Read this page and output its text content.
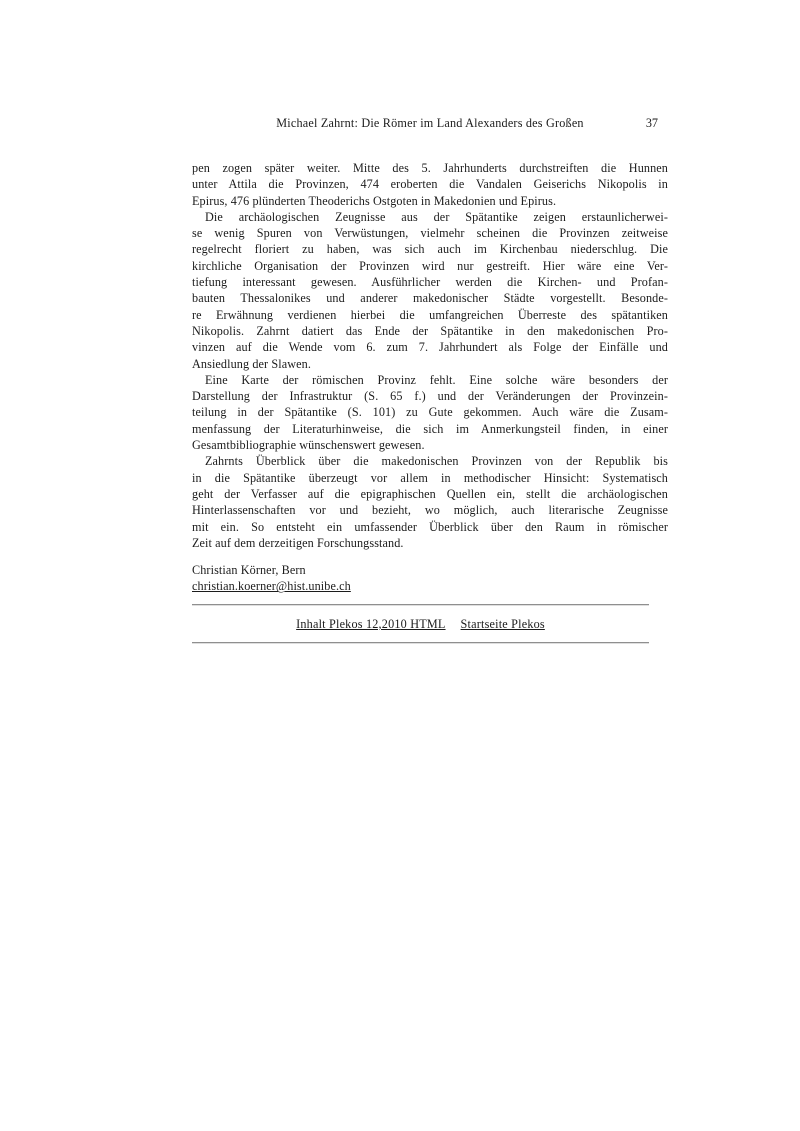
Michael Zahrnt: Die Römer im Land Alexanders des Großen	37
pen zogen später weiter. Mitte des 5. Jahrhunderts durchstreiften die Hunnen
unter Attila die Provinzen, 474 eroberten die Vandalen Geiserichs Nikopolis in
Epirus, 476 plünderten Theoderichs Ostgoten in Makedonien und Epirus.
Die archäologischen Zeugnisse aus der Spätantike zeigen erstaunlicherwei-
se wenig Spuren von Verwüstungen, vielmehr scheinen die Provinzen zeitweise
regelrecht floriert zu haben, was sich auch im Kirchenbau niederschlug. Die
kirchliche Organisation der Provinzen wird nur gestreift. Hier wäre eine Ver-
tiefung interessant gewesen. Ausführlicher werden die Kirchen- und Profan-
bauten Thessalonikes und anderer makedonischer Städte vorgestellt. Besonde-
re Erwähnung verdienen hierbei die umfangreichen Überreste des spätantiken
Nikopolis. Zahrnt datiert das Ende der Spätantike in den makedonischen Pro-
vinzen auf die Wende vom 6. zum 7. Jahrhundert als Folge der Einfälle und
Ansiedlung der Slawen.
Eine Karte der römischen Provinz fehlt. Eine solche wäre besonders der
Darstellung der Infrastruktur (S. 65 f.) und der Veränderungen der Provinzein-
teilung in der Spätantike (S. 101) zu Gute gekommen. Auch wäre die Zusam-
menfassung der Literaturhinweise, die sich im Anmerkungsteil finden, in einer
Gesamtbibliographie wünschenswert gewesen.
Zahrnts Überblick über die makedonischen Provinzen von der Republik bis
in die Spätantike überzeugt vor allem in methodischer Hinsicht: Systematisch
geht der Verfasser auf die epigraphischen Quellen ein, stellt die archäologischen
Hinterlassenschaften vor und bezieht, wo möglich, auch literarische Zeugnisse
mit ein. So entsteht ein umfassender Überblick über den Raum in römischer
Zeit auf dem derzeitigen Forschungsstand.
Christian Körner, Bern
christian.koerner@hist.unibe.ch
Inhalt Plekos 12,2010 HTML Startseite Plekos
